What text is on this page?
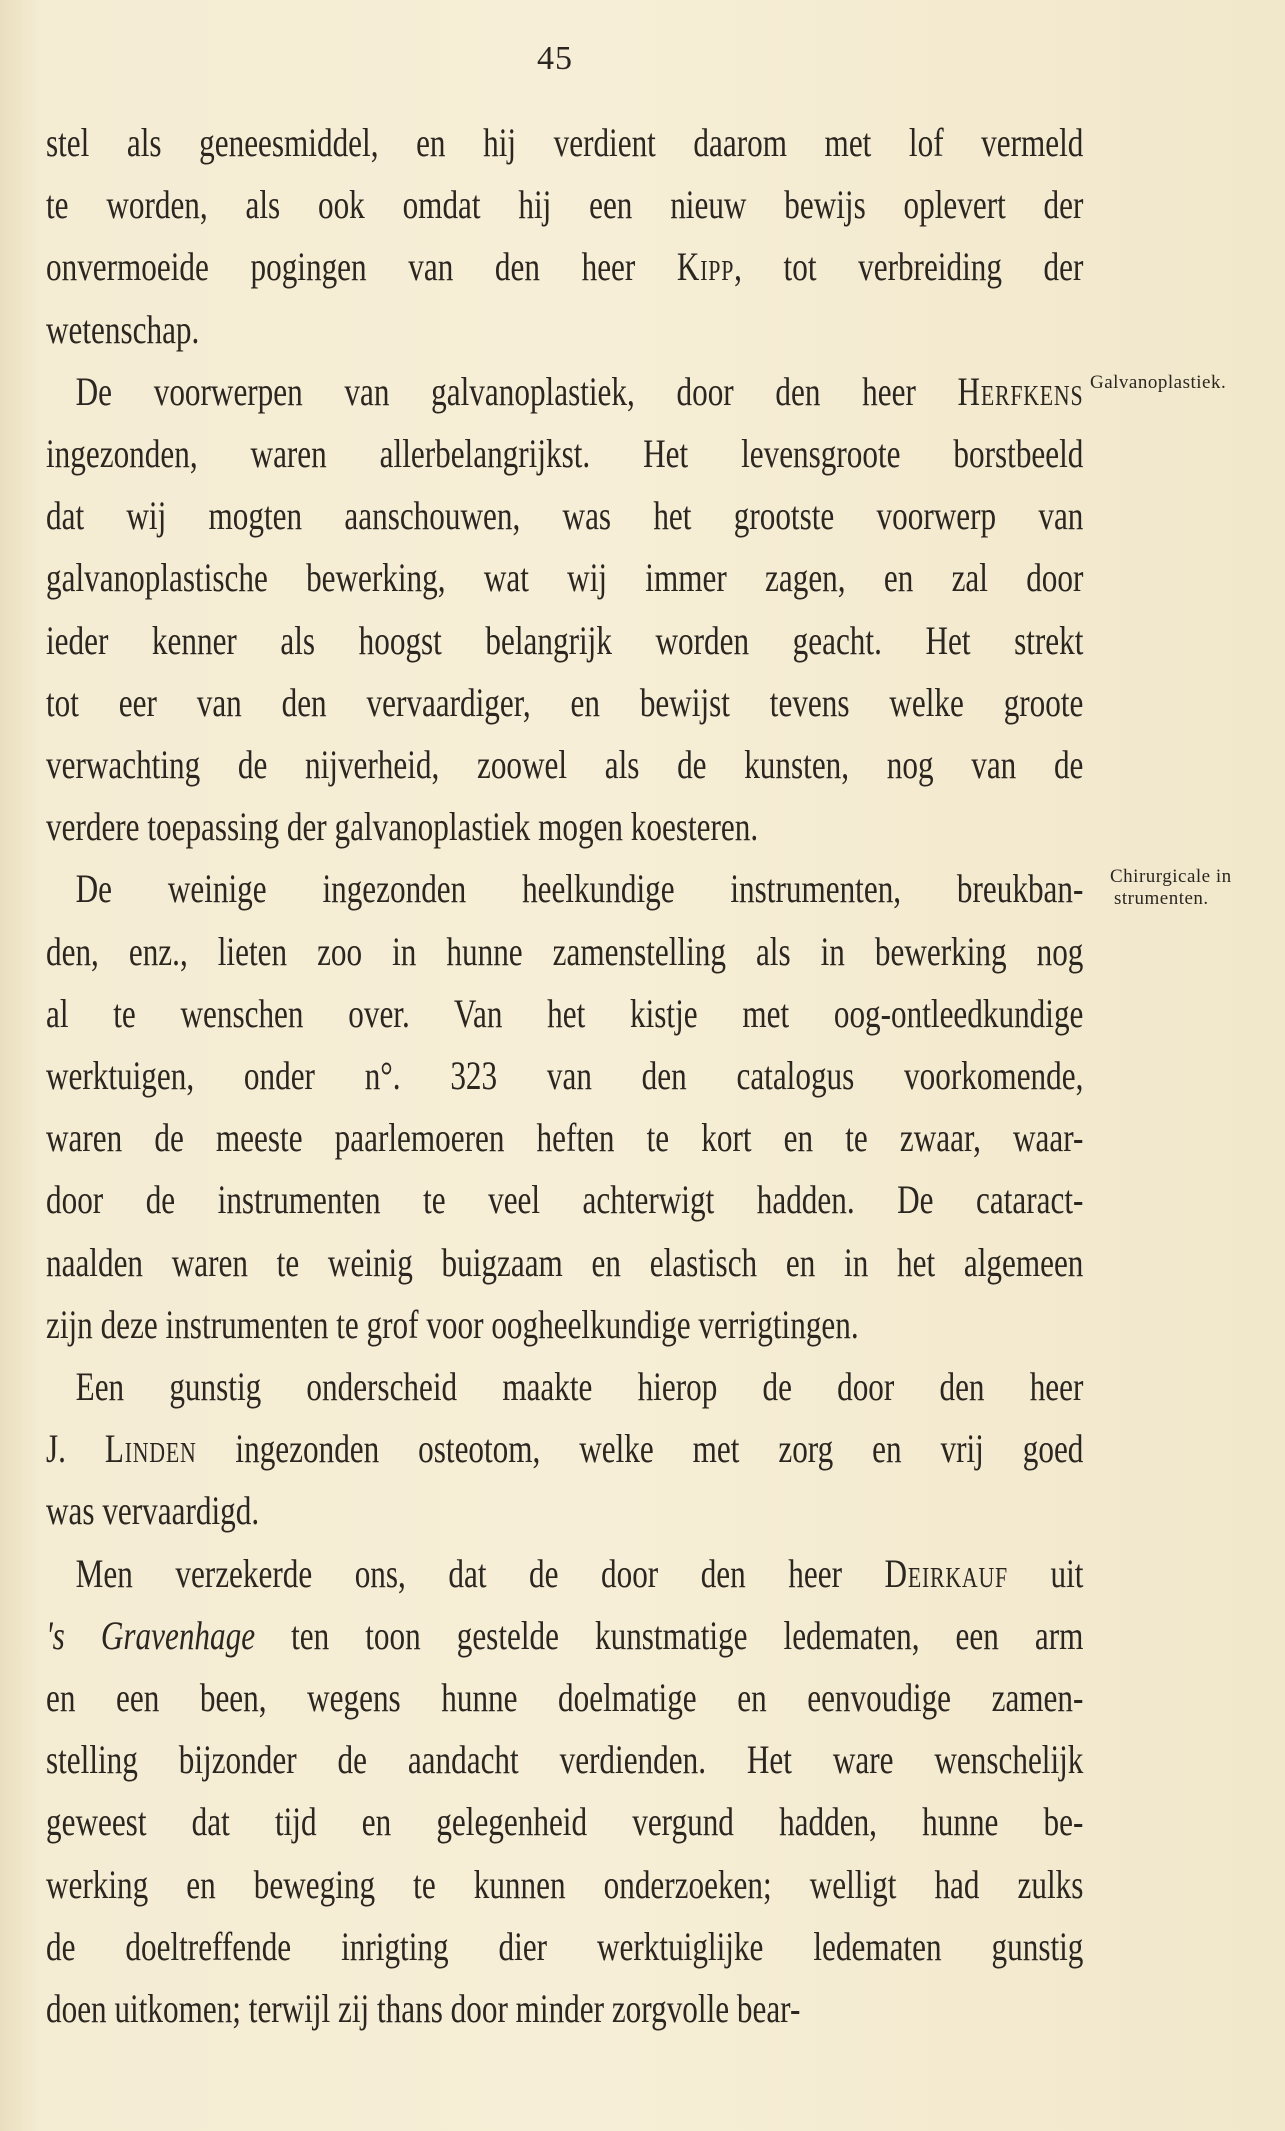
45
stel als geneesmiddel, en hij verdient daarom met lof vermeld
te worden, als ook omdat hij een nieuw bewijs oplevert der
onvermoeide pogingen van den heer Kipp, tot verbreiding der
wetenschap.
De voorwerpen van galvanoplastiek, door den heer Herfkens
ingezonden, waren allerbelangrijkst. Het levensgroote borstbeeld
dat wij mogten aanschouwen, was het grootste voorwerp van
galvanoplastische bewerking, wat wij immer zagen, en zal door
ieder kenner als hoogst belangrijk worden geacht. Het strekt
tot eer van den vervaardiger, en bewijst tevens welke groote
verwachting de nijverheid, zoowel als de kunsten, nog van de
verdere toepassing der galvanoplastiek mogen koesteren.
De weinige ingezonden heelkundige instrumenten, breukban-
den, enz., lieten zoo in hunne zamenstelling als in bewerking nog
al te wenschen over. Van het kistje met oog-ontleedkundige
werktuigen, onder n°. 323 van den catalogus voorkomende,
waren de meeste paarlemoeren heften te kort en te zwaar, waar-
door de instrumenten te veel achterwigt hadden. De cataract-
naalden waren te weinig buigzaam en elastisch en in het algemeen
zijn deze instrumenten te grof voor oogheelkundige verrigtingen.
Een gunstig onderscheid maakte hierop de door den heer
J. Linden ingezonden osteotom, welke met zorg en vrij goed
was vervaardigd.
Men verzekerde ons, dat de door den heer Deirkauf uit
's Gravenhage ten toon gestelde kunstmatige ledematen, een arm
en een been, wegens hunne doelmatige en eenvoudige zamen-
stelling bijzonder de aandacht verdienden. Het ware wenschelijk
geweest dat tijd en gelegenheid vergund hadden, hunne be-
werking en beweging te kunnen onderzoeken; welligt had zulks
de doeltreffende inrigting dier werktuiglijke ledematen gunstig
doen uitkomen; terwijl zij thans door minder zorgvolle bear-
Galvanoplastiek.
Chirurgicale in
strumenten.
